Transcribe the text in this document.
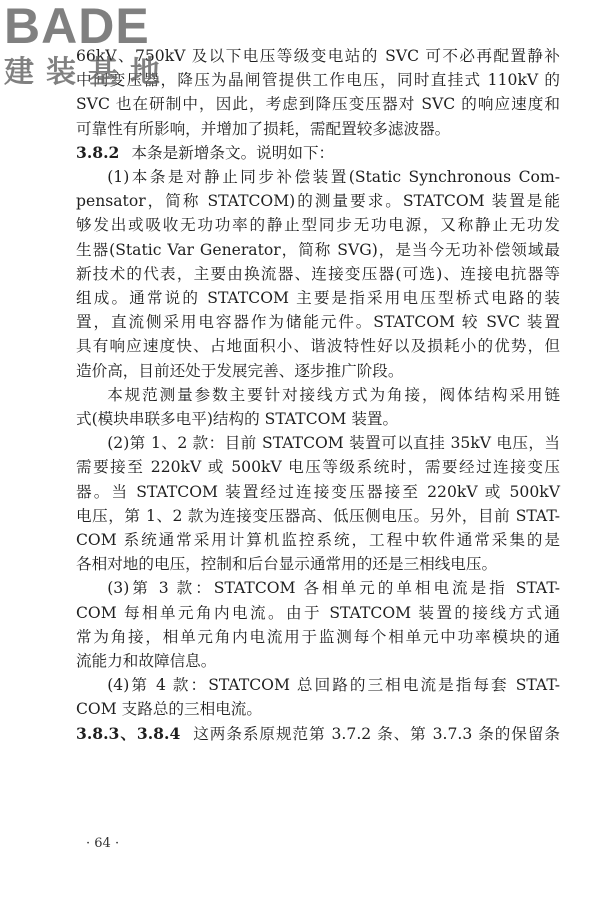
BADE
建装基地

66kV、750kV 及以下电压等级变电站的 SVC 可不必再配置静补

中间变压器，降压为晶闸管提供工作电压，同时直挂式 110kV 的

SVC 也在研制中，因此，考虑到降压变压器对 SVC 的响应速度和

可靠性有所影响，并增加了损耗，需配置较多滤波器。

3.8.2 本条是新增条文。说明如下：

(1)本条是对静止同步补偿装置(Static Synchronous Com-

pensator，简称 STATCOM)的测量要求。STATCOM 装置是能

够发出或吸收无功功率的静止型同步无功电源，又称静止无功发

生器(Static Var Generator，简称 SVG)，是当今无功补偿领域最

新技术的代表，主要由换流器、连接变压器(可选)、连接电抗器等

组成。通常说的 STATCOM 主要是指采用电压型桥式电路的装

置，直流侧采用电容器作为储能元件。STATCOM 较 SVC 装置

具有响应速度快、占地面积小、谐波特性好以及损耗小的优势，但

造价高，目前还处于发展完善、逐步推广阶段。

本规范测量参数主要针对接线方式为角接，阀体结构采用链

式(模块串联多电平)结构的 STATCOM 装置。

(2)第 1、2 款：目前 STATCOM 装置可以直挂 35kV 电压，当

需要接至 220kV 或 500kV 电压等级系统时，需要经过连接变压

器。当 STATCOM 装置经过连接变压器接至 220kV 或 500kV

电压，第 1、2 款为连接变压器高、低压侧电压。另外，目前 STAT-

COM 系统通常采用计算机监控系统，工程中软件通常采集的是

各相对地的电压，控制和后台显示通常用的还是三相线电压。

(3)第 3 款：STATCOM 各相单元的单相电流是指 STAT-

COM 每相单元角内电流。由于 STATCOM 装置的接线方式通

常为角接，相单元角内电流用于监测每个相单元中功率模块的通

流能力和故障信息。

(4)第 4 款：STATCOM 总回路的三相电流是指每套 STAT-

COM 支路总的三相电流。

3.8.3、3.8.4 这两条系原规范第 3.7.2 条、第 3.7.3 条的保留条

· 64 ·
